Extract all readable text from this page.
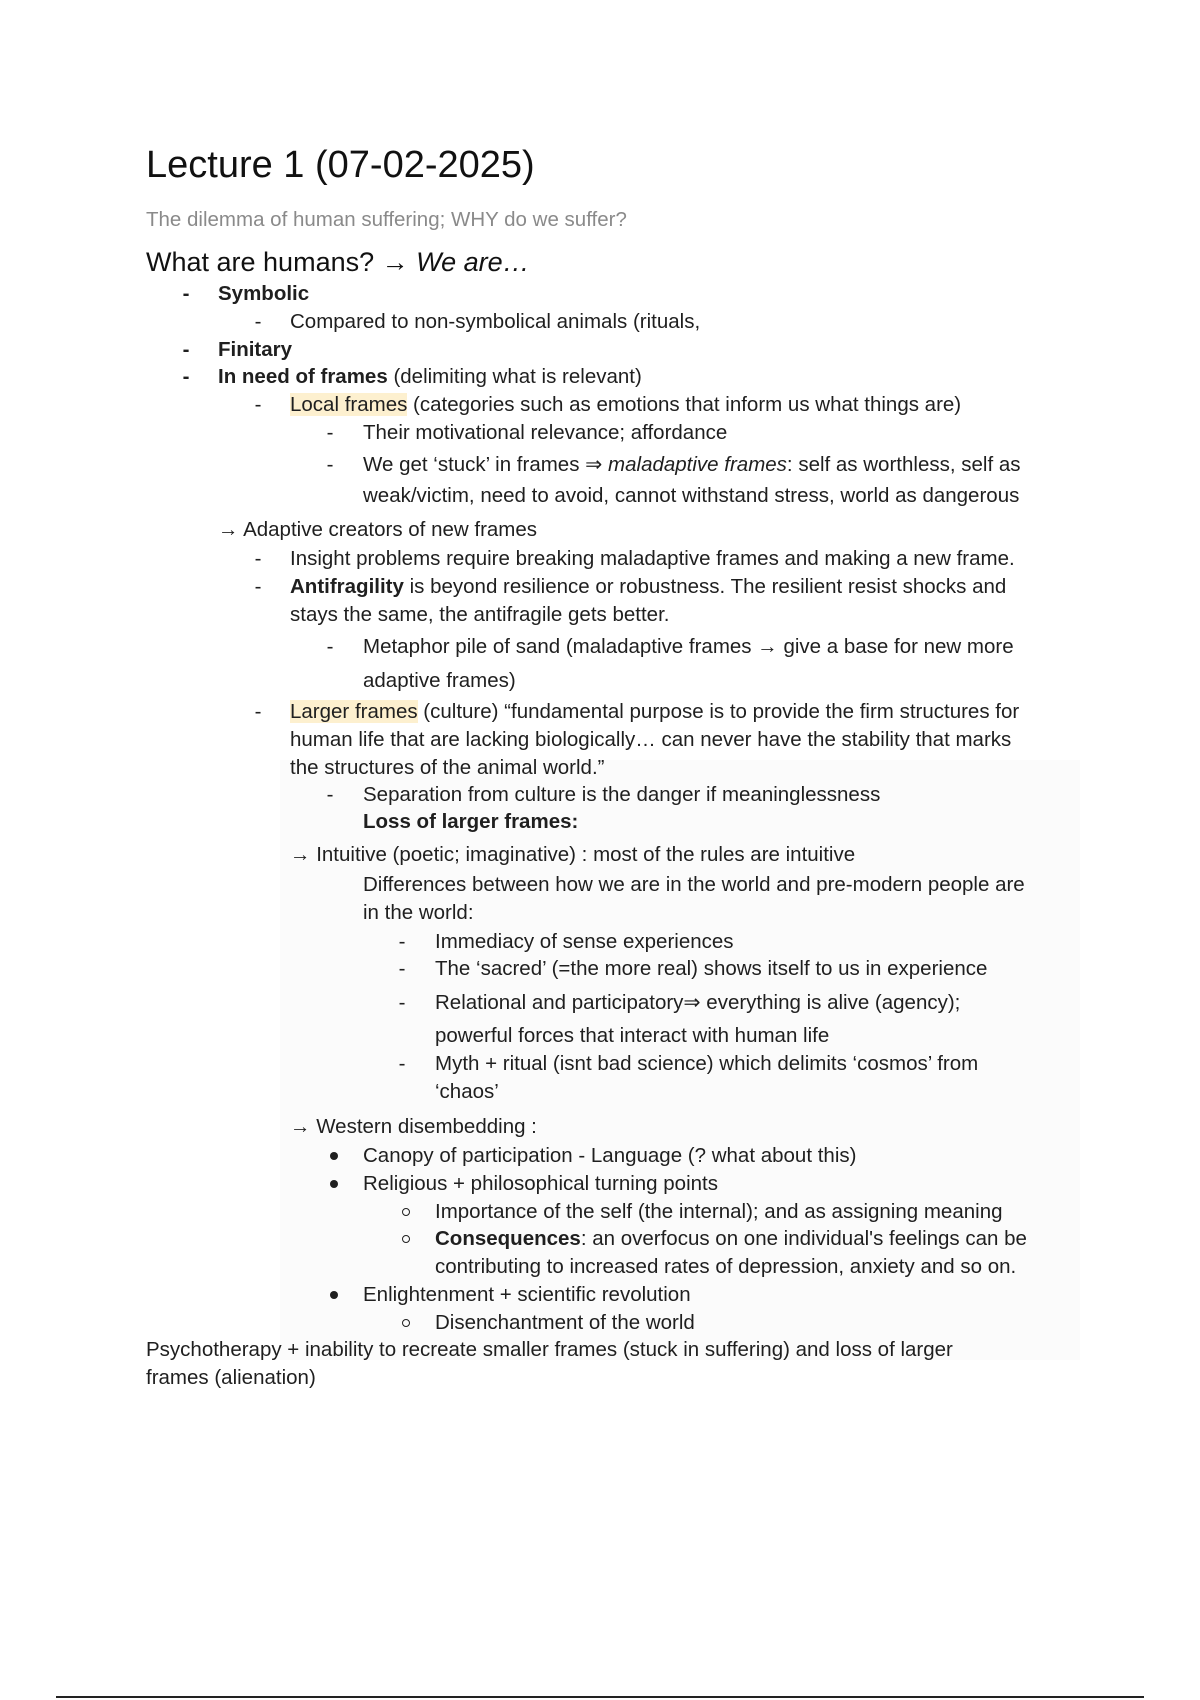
Lecture 1 (07-02-2025)
The dilemma of human suffering; WHY do we suffer?
What are humans? → We are…
-	Symbolic
-	Compared to non-symbolical animals (rituals,
-	Finitary
-	In need of frames (delimiting what is relevant)
-	Local frames (categories such as emotions that inform us what things are)
-	Their motivational relevance; affordance
-	We get ‘stuck’ in frames ⇒ maladaptive frames: self as worthless, self as
weak/victim, need to avoid, cannot withstand stress, world as dangerous
→ Adaptive creators of new frames
-	Insight problems require breaking maladaptive frames and making a new frame.
-	Antifragility is beyond resilience or robustness. The resilient resist shocks and
stays the same, the antifragile gets better.
-	Metaphor pile of sand (maladaptive frames → give a base for new more
adaptive frames)
-	Larger frames (culture) “fundamental purpose is to provide the firm structures for
human life that are lacking biologically… can never have the stability that marks
the structures of the animal world.”
-	Separation from culture is the danger if meaninglessness
Loss of larger frames:
→ Intuitive (poetic; imaginative) : most of the rules are intuitive
Differences between how we are in the world and pre-modern people are
in the world:
-	Immediacy of sense experiences
-	The ‘sacred’ (=the more real) shows itself to us in experience
-	Relational and participatory⇒ everything is alive (agency);
powerful forces that interact with human life
-	Myth + ritual (isnt bad science) which delimits ‘cosmos’ from
‘chaos’
→ Western disembedding :
Canopy of participation - Language (? what about this)
Religious + philosophical turning points
Importance of the self (the internal); and as assigning meaning
Consequences: an overfocus on one individual's feelings can be
contributing to increased rates of depression, anxiety and so on.
Enlightenment + scientific revolution
Disenchantment of the world
Psychotherapy + inability to recreate smaller frames (stuck in suffering) and loss of larger
frames (alienation)
